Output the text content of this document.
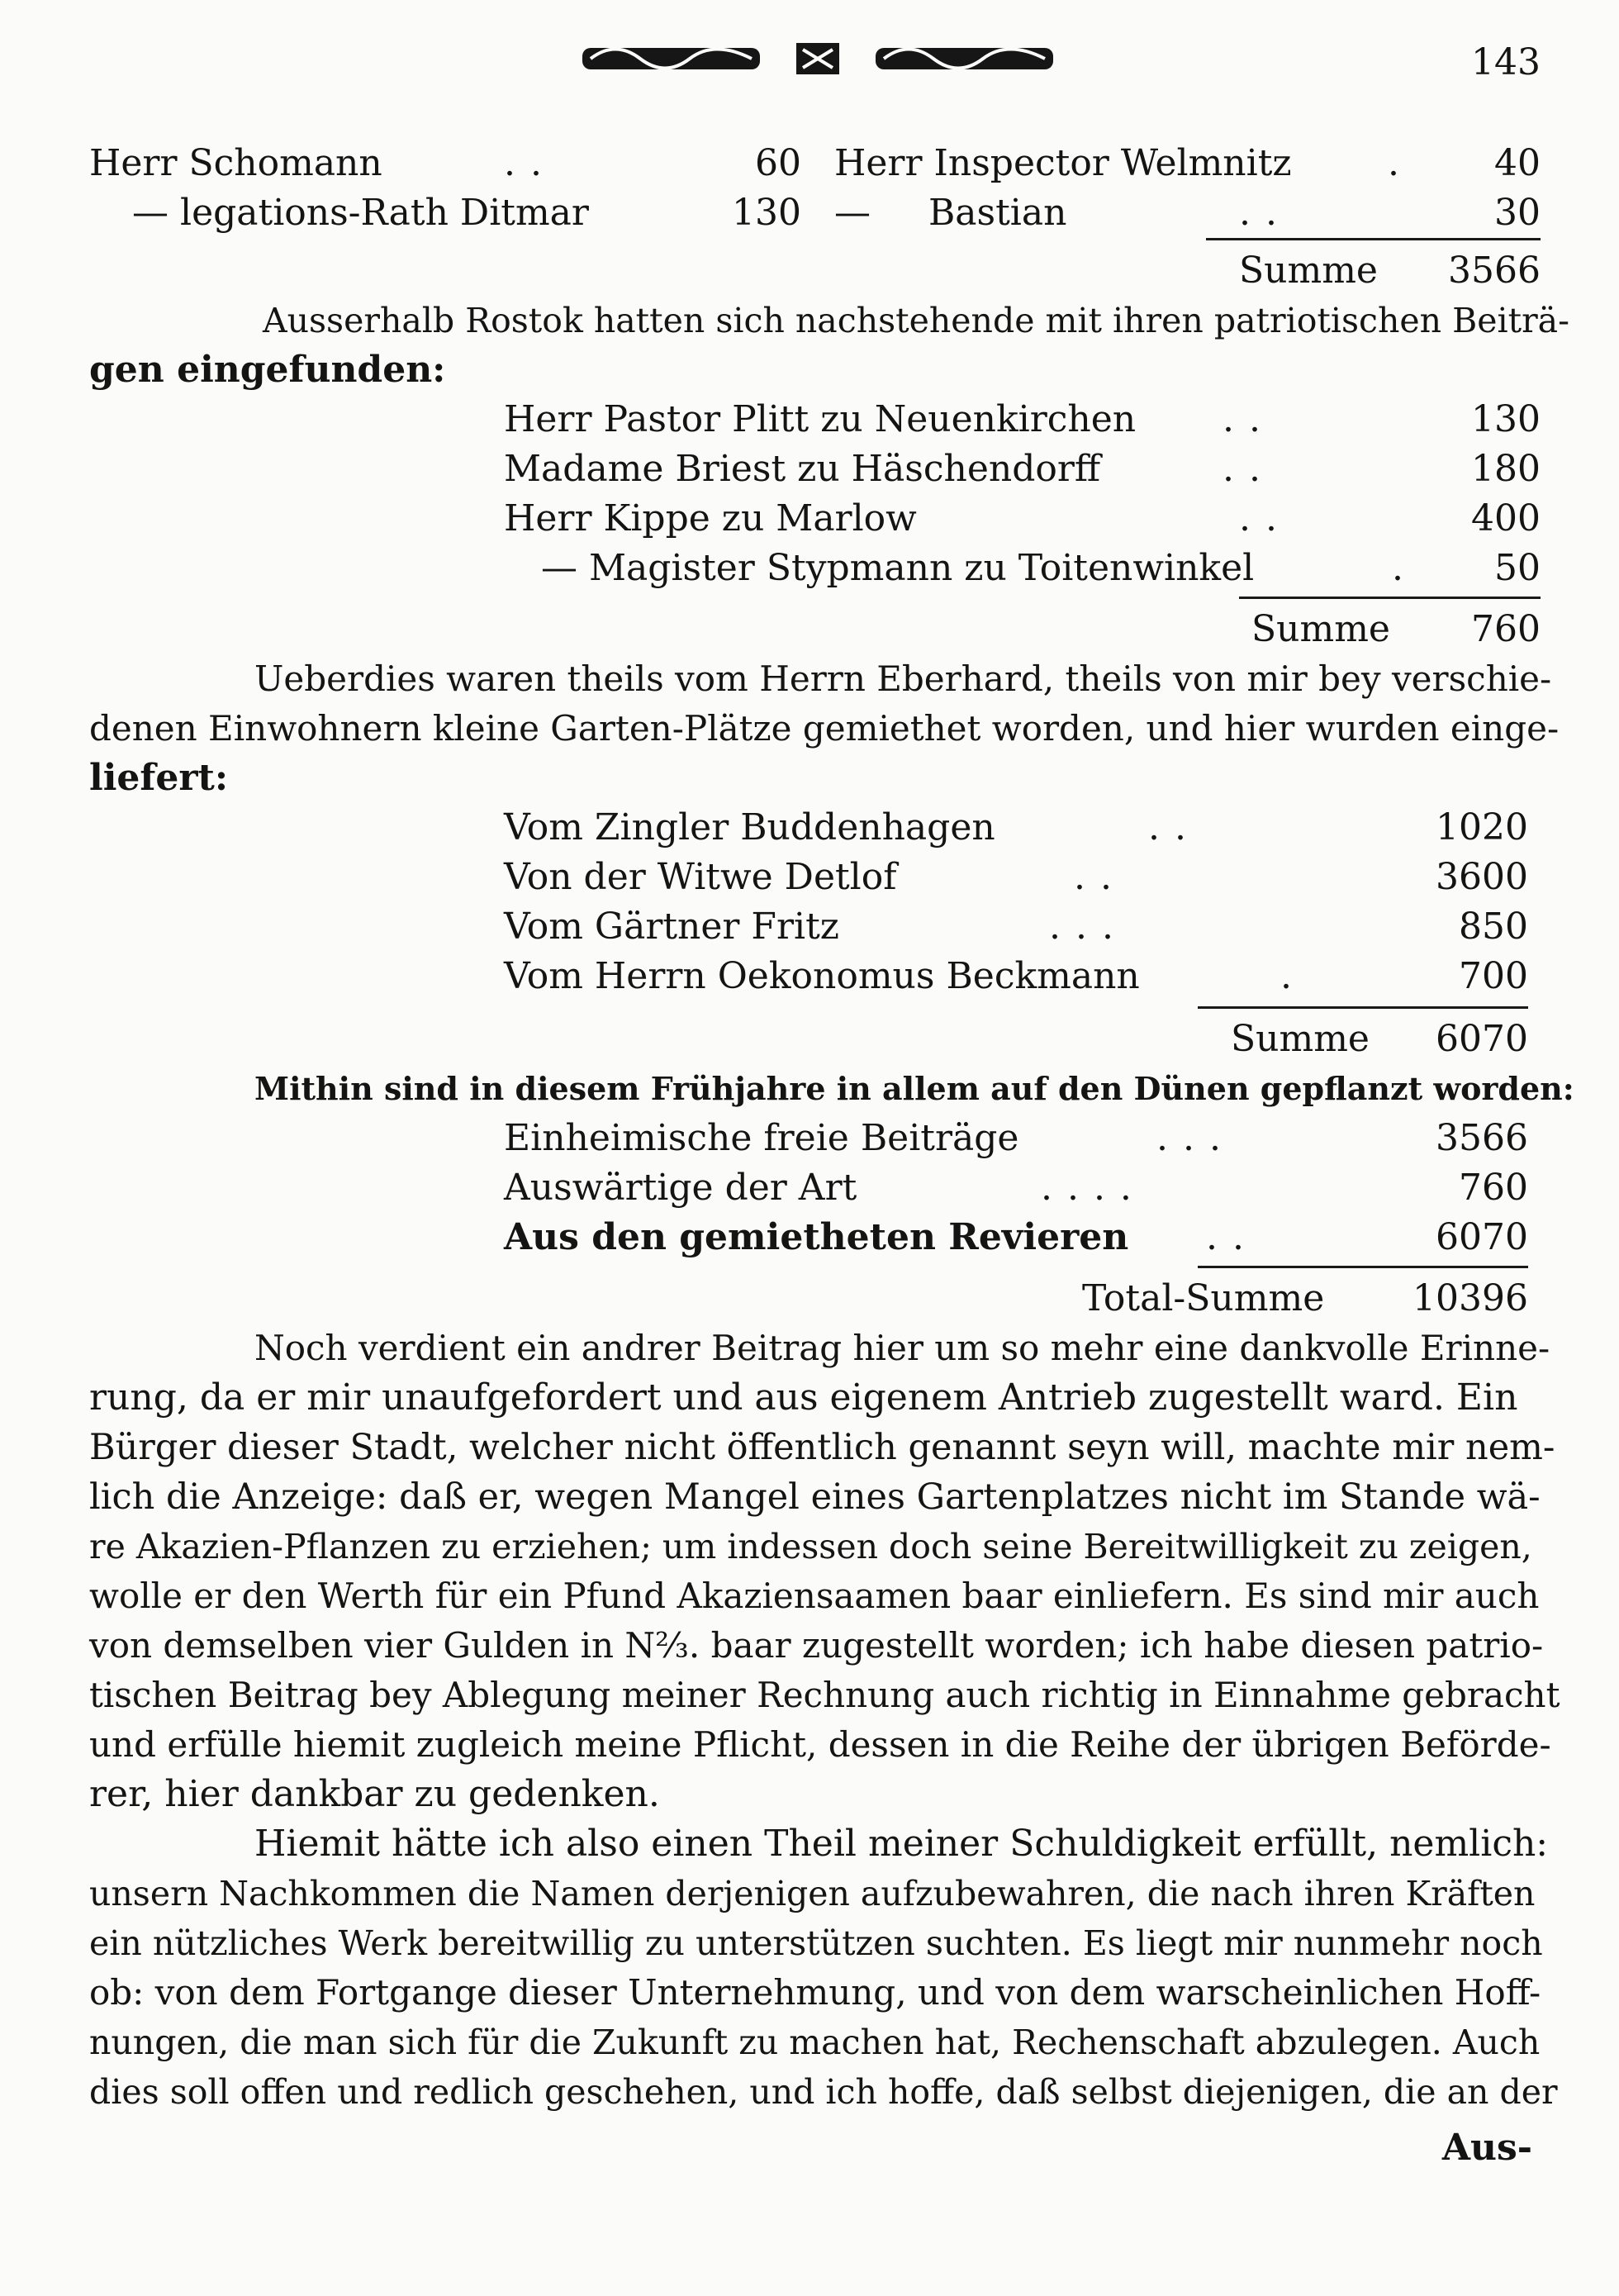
143
Herr Schomann	. .	60 Herr Inspector Welmnitz	.	40
— legations-Rath Ditmar	130 — Bastian	. .	30
Summe	3566
Ausserhalb Rostok hatten sich nachstehende mit ihren patriotischen Beiträ-
gen eingefunden:
Herr Pastor Plitt zu Neuenkirchen . .	130
Madame Briest zu Häschendorff	. .	180
Herr Kippe zu Marlow	. .	400
— Magister Stypmann zu Toitenwinkel	.	50
Summe	760
Ueberdies waren theils vom Herrn Eberhard, theils von mir bey verschie-
denen Einwohnern kleine Garten-Plätze gemiethet worden, und hier wurden einge-
liefert:
Vom Zingler Buddenhagen	. .	1020
Von der Witwe Detlof	. .	3600
Vom Gärtner Fritz	. . .	850
Vom Herrn Oekonomus Beckmann	.	700
Summe	6070
Mithin sind in diesem Frühjahre in allem auf den Dünen gepflanzt worden:
Einheimische freie Beiträge	. . .	3566
Auswärtige der Art	. . . .	760
Aus den gemietheten Revieren . .	6070
Total-Summe	10396
Noch verdient ein andrer Beitrag hier um so mehr eine dankvolle Erinne-
rung, da er mir unaufgefordert und aus eigenem Antrieb zugestellt ward. Ein
Bürger dieser Stadt, welcher nicht öffentlich genannt seyn will, machte mir nem-
lich die Anzeige: daß er, wegen Mangel eines Gartenplatzes nicht im Stande wä-
re Akazien-Pflanzen zu erziehen; um indessen doch seine Bereitwilligkeit zu zeigen,
wolle er den Werth für ein Pfund Akaziensaamen baar einliefern. Es sind mir auch
von demselben vier Gulden in N⅔. baar zugestellt worden; ich habe diesen patrio-
tischen Beitrag bey Ablegung meiner Rechnung auch richtig in Einnahme gebracht
und erfülle hiemit zugleich meine Pflicht, dessen in die Reihe der übrigen Beförde-
rer, hier dankbar zu gedenken.
Hiemit hätte ich also einen Theil meiner Schuldigkeit erfüllt, nemlich:
unsern Nachkommen die Namen derjenigen aufzubewahren, die nach ihren Kräften
ein nützliches Werk bereitwillig zu unterstützen suchten. Es liegt mir nunmehr noch
ob: von dem Fortgange dieser Unternehmung, und von dem warscheinlichen Hoff-
nungen, die man sich für die Zukunft zu machen hat, Rechenschaft abzulegen. Auch
dies soll offen und redlich geschehen, und ich hoffe, daß selbst diejenigen, die an der
Aus-
